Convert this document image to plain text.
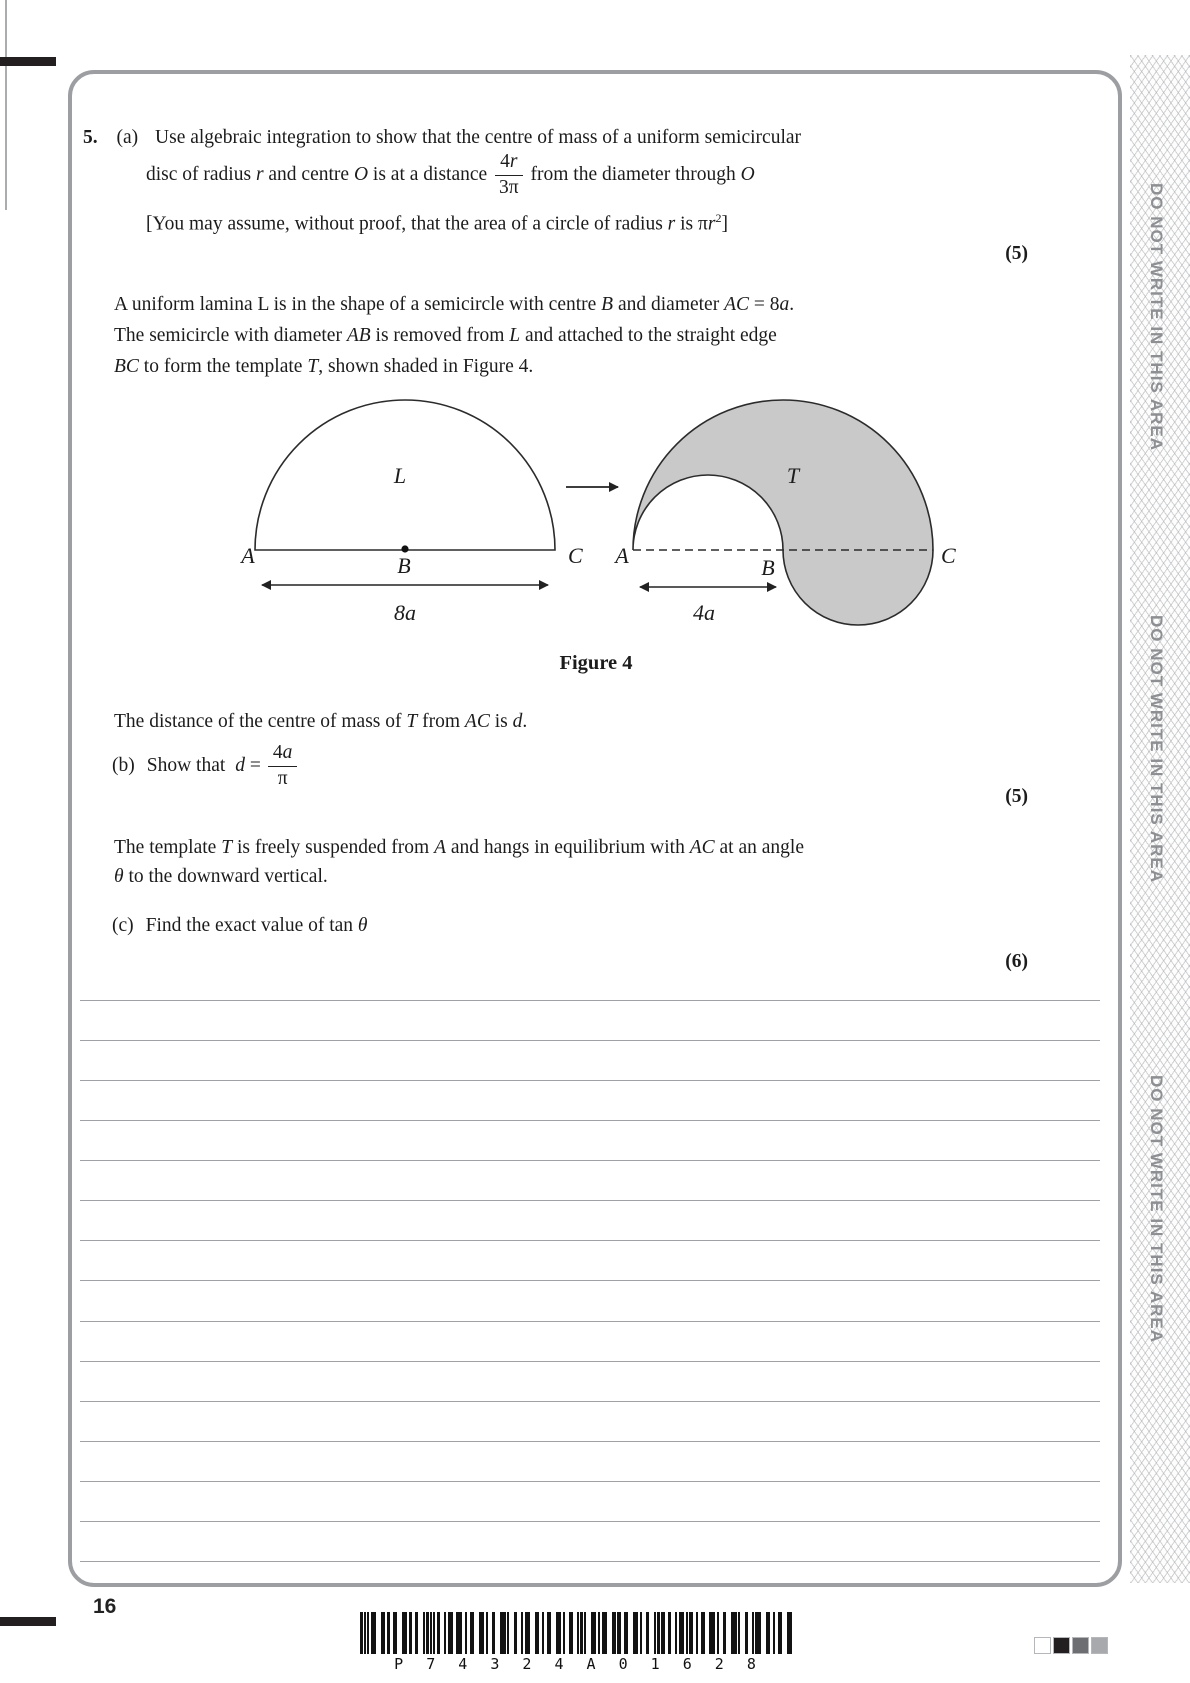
5. (a) Use algebraic integration to show that the centre of mass of a uniform semicircular
disc of radius r and centre O is at a distance $\frac{4r}{3\pi}$ from the diameter through O
[You may assume, without proof, that the area of a circle of radius r is $\pi r^2$]
(5)
A uniform lamina L is in the shape of a semicircle with centre B and diameter AC = 8a.
The semicircle with diameter AB is removed from L and attached to the straight edge
BC to form the template T, shown shaded in Figure 4.
L
A	B	C
8a
T
A	B	C
4a
Figure 4
The distance of the centre of mass of T from AC is d.
(b) Show that $d = \frac{4a}{\pi}$
(5)
The template T is freely suspended from A and hangs in equilibrium with AC at an angle
θ to the downward vertical.
(c) Find the exact value of tan θ
(6)
DO NOT WRITE IN THIS AREA
DO NOT WRITE IN THIS AREA
DO NOT WRITE IN THIS AREA
16
P 7 4 3 2 4 A 0 1 6 2 8
